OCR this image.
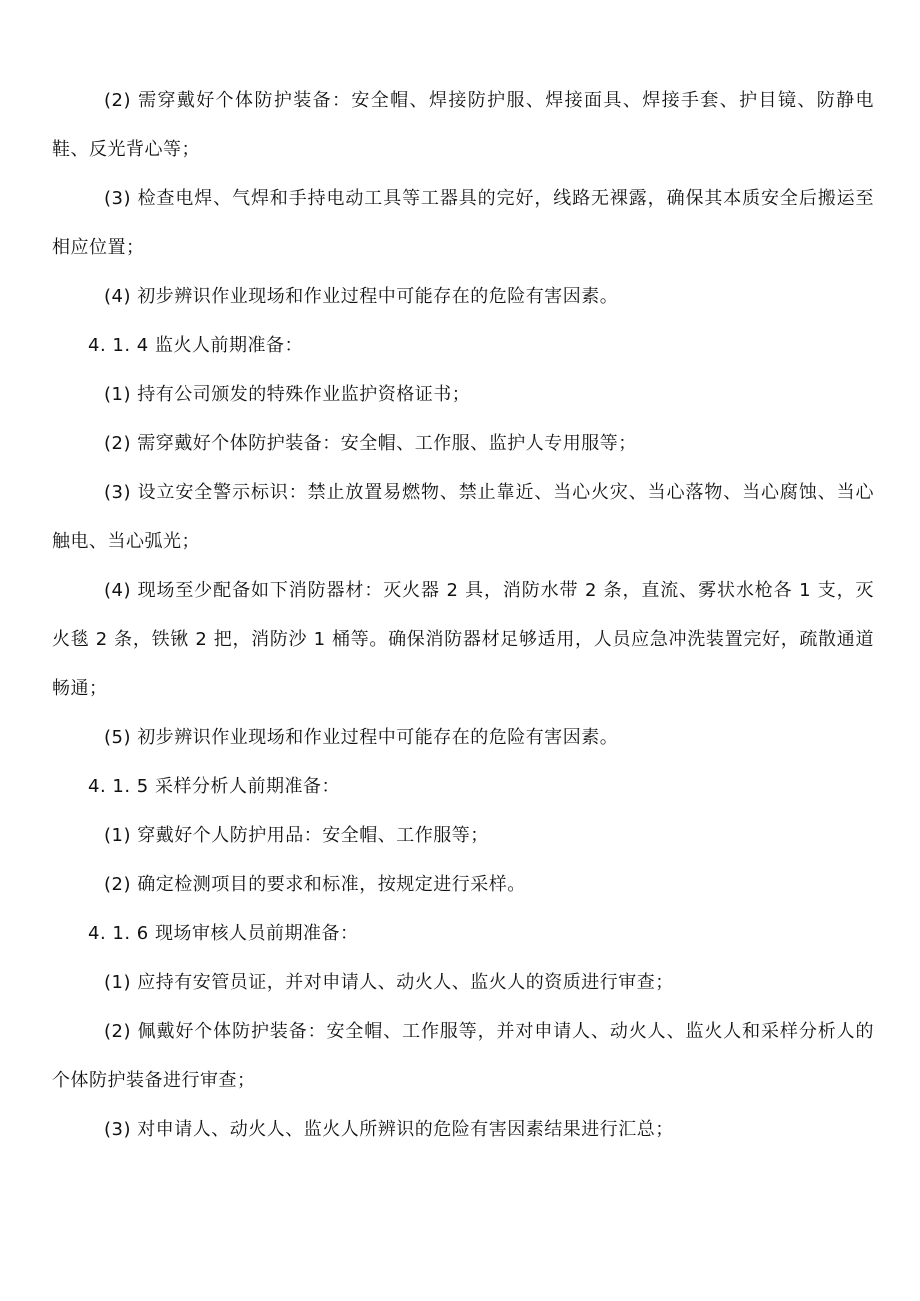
(2) 需穿戴好个体防护装备：安全帽、焊接防护服、焊接面具、焊接手套、护目镜、防静电鞋、反光背心等；

(3) 检查电焊、气焊和手持电动工具等工器具的完好，线路无裸露，确保其本质安全后搬运至相应位置；

(4) 初步辨识作业现场和作业过程中可能存在的危险有害因素。

4. 1. 4 监火人前期准备：

(1) 持有公司颁发的特殊作业监护资格证书；

(2) 需穿戴好个体防护装备：安全帽、工作服、监护人专用服等；

(3) 设立安全警示标识：禁止放置易燃物、禁止靠近、当心火灾、当心落物、当心腐蚀、当心触电、当心弧光；

(4) 现场至少配备如下消防器材：灭火器 2 具，消防水带 2 条，直流、雾状水枪各 1 支，灭火毯 2 条，铁锹 2 把，消防沙 1 桶等。确保消防器材足够适用，人员应急冲洗装置完好，疏散通道畅通；

(5) 初步辨识作业现场和作业过程中可能存在的危险有害因素。

4. 1. 5 采样分析人前期准备：

(1) 穿戴好个人防护用品：安全帽、工作服等；

(2) 确定检测项目的要求和标准，按规定进行采样。

4. 1. 6 现场审核人员前期准备：

(1) 应持有安管员证，并对申请人、动火人、监火人的资质进行审查；

(2) 佩戴好个体防护装备：安全帽、工作服等，并对申请人、动火人、监火人和采样分析人的个体防护装备进行审查；

(3) 对申请人、动火人、监火人所辨识的危险有害因素结果进行汇总；
